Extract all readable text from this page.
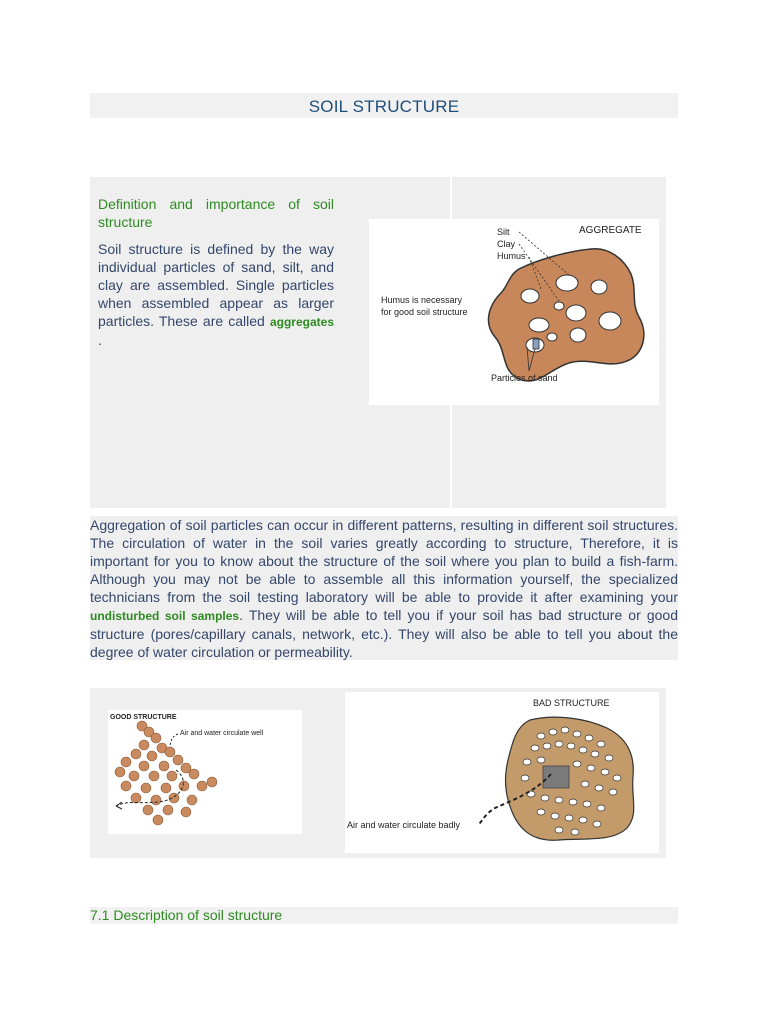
SOIL STRUCTURE
Definition and importance of soil structure

Soil structure is defined by the way individual particles of sand, silt, and clay are assembled. Single particles when assembled appear as larger particles. These are called aggregates .

AGGREGATE
Silt
Clay
Humus
Humus is necessary
for good soil structure
Particles of sand

Aggregation of soil particles can occur in different patterns, resulting in different soil structures. The circulation of water in the soil varies greatly according to structure, Therefore, it is important for you to know about the structure of the soil where you plan to build a fish-farm. Although you may not be able to assemble all this information yourself, the specialized technicians from the soil testing laboratory will be able to provide it after examining your undisturbed soil samples. They will be able to tell you if your soil has bad structure or good structure (pores/capillary canals, network, etc.). They will also be able to tell you about the degree of water circulation or permeability.

GOOD STRUCTURE
Air and water circulate well
BAD STRUCTURE
Air and water circulate badly
7.1 Description of soil structure
